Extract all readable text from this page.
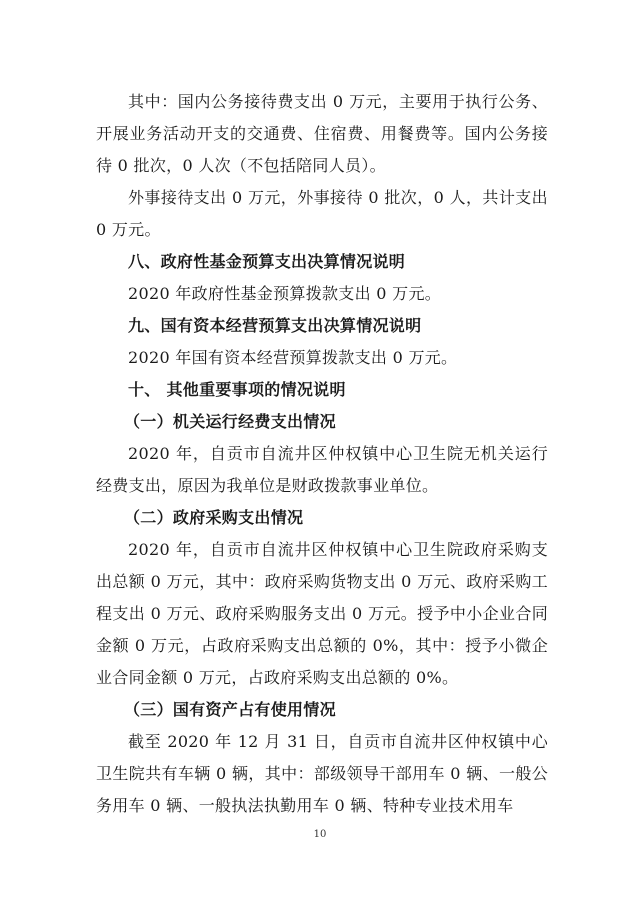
其中：国内公务接待费支出 0 万元，主要用于执行公务、开展业务活动开支的交通费、住宿费、用餐费等。国内公务接待 0 批次，0 人次（不包括陪同人员）。

外事接待支出 0 万元，外事接待 0 批次，0 人，共计支出 0 万元。

八、政府性基金预算支出决算情况说明

2020 年政府性基金预算拨款支出 0 万元。

九、国有资本经营预算支出决算情况说明

2020 年国有资本经营预算拨款支出 0 万元。

十、 其他重要事项的情况说明
（一）机关运行经费支出情况

2020 年，自贡市自流井区仲权镇中心卫生院无机关运行经费支出，原因为我单位是财政拨款事业单位。

（二）政府采购支出情况

2020 年，自贡市自流井区仲权镇中心卫生院政府采购支出总额 0 万元，其中：政府采购货物支出 0 万元、政府采购工程支出 0 万元、政府采购服务支出 0 万元。授予中小企业合同金额 0 万元，占政府采购支出总额的 0%，其中：授予小微企业合同金额 0 万元，占政府采购支出总额的 0%。

（三）国有资产占有使用情况

截至 2020 年 12 月 31 日，自贡市自流井区仲权镇中心卫生院共有车辆 0 辆，其中：部级领导干部用车 0 辆、一般公务用车 0 辆、一般执法执勤用车 0 辆、特种专业技术用车

10
